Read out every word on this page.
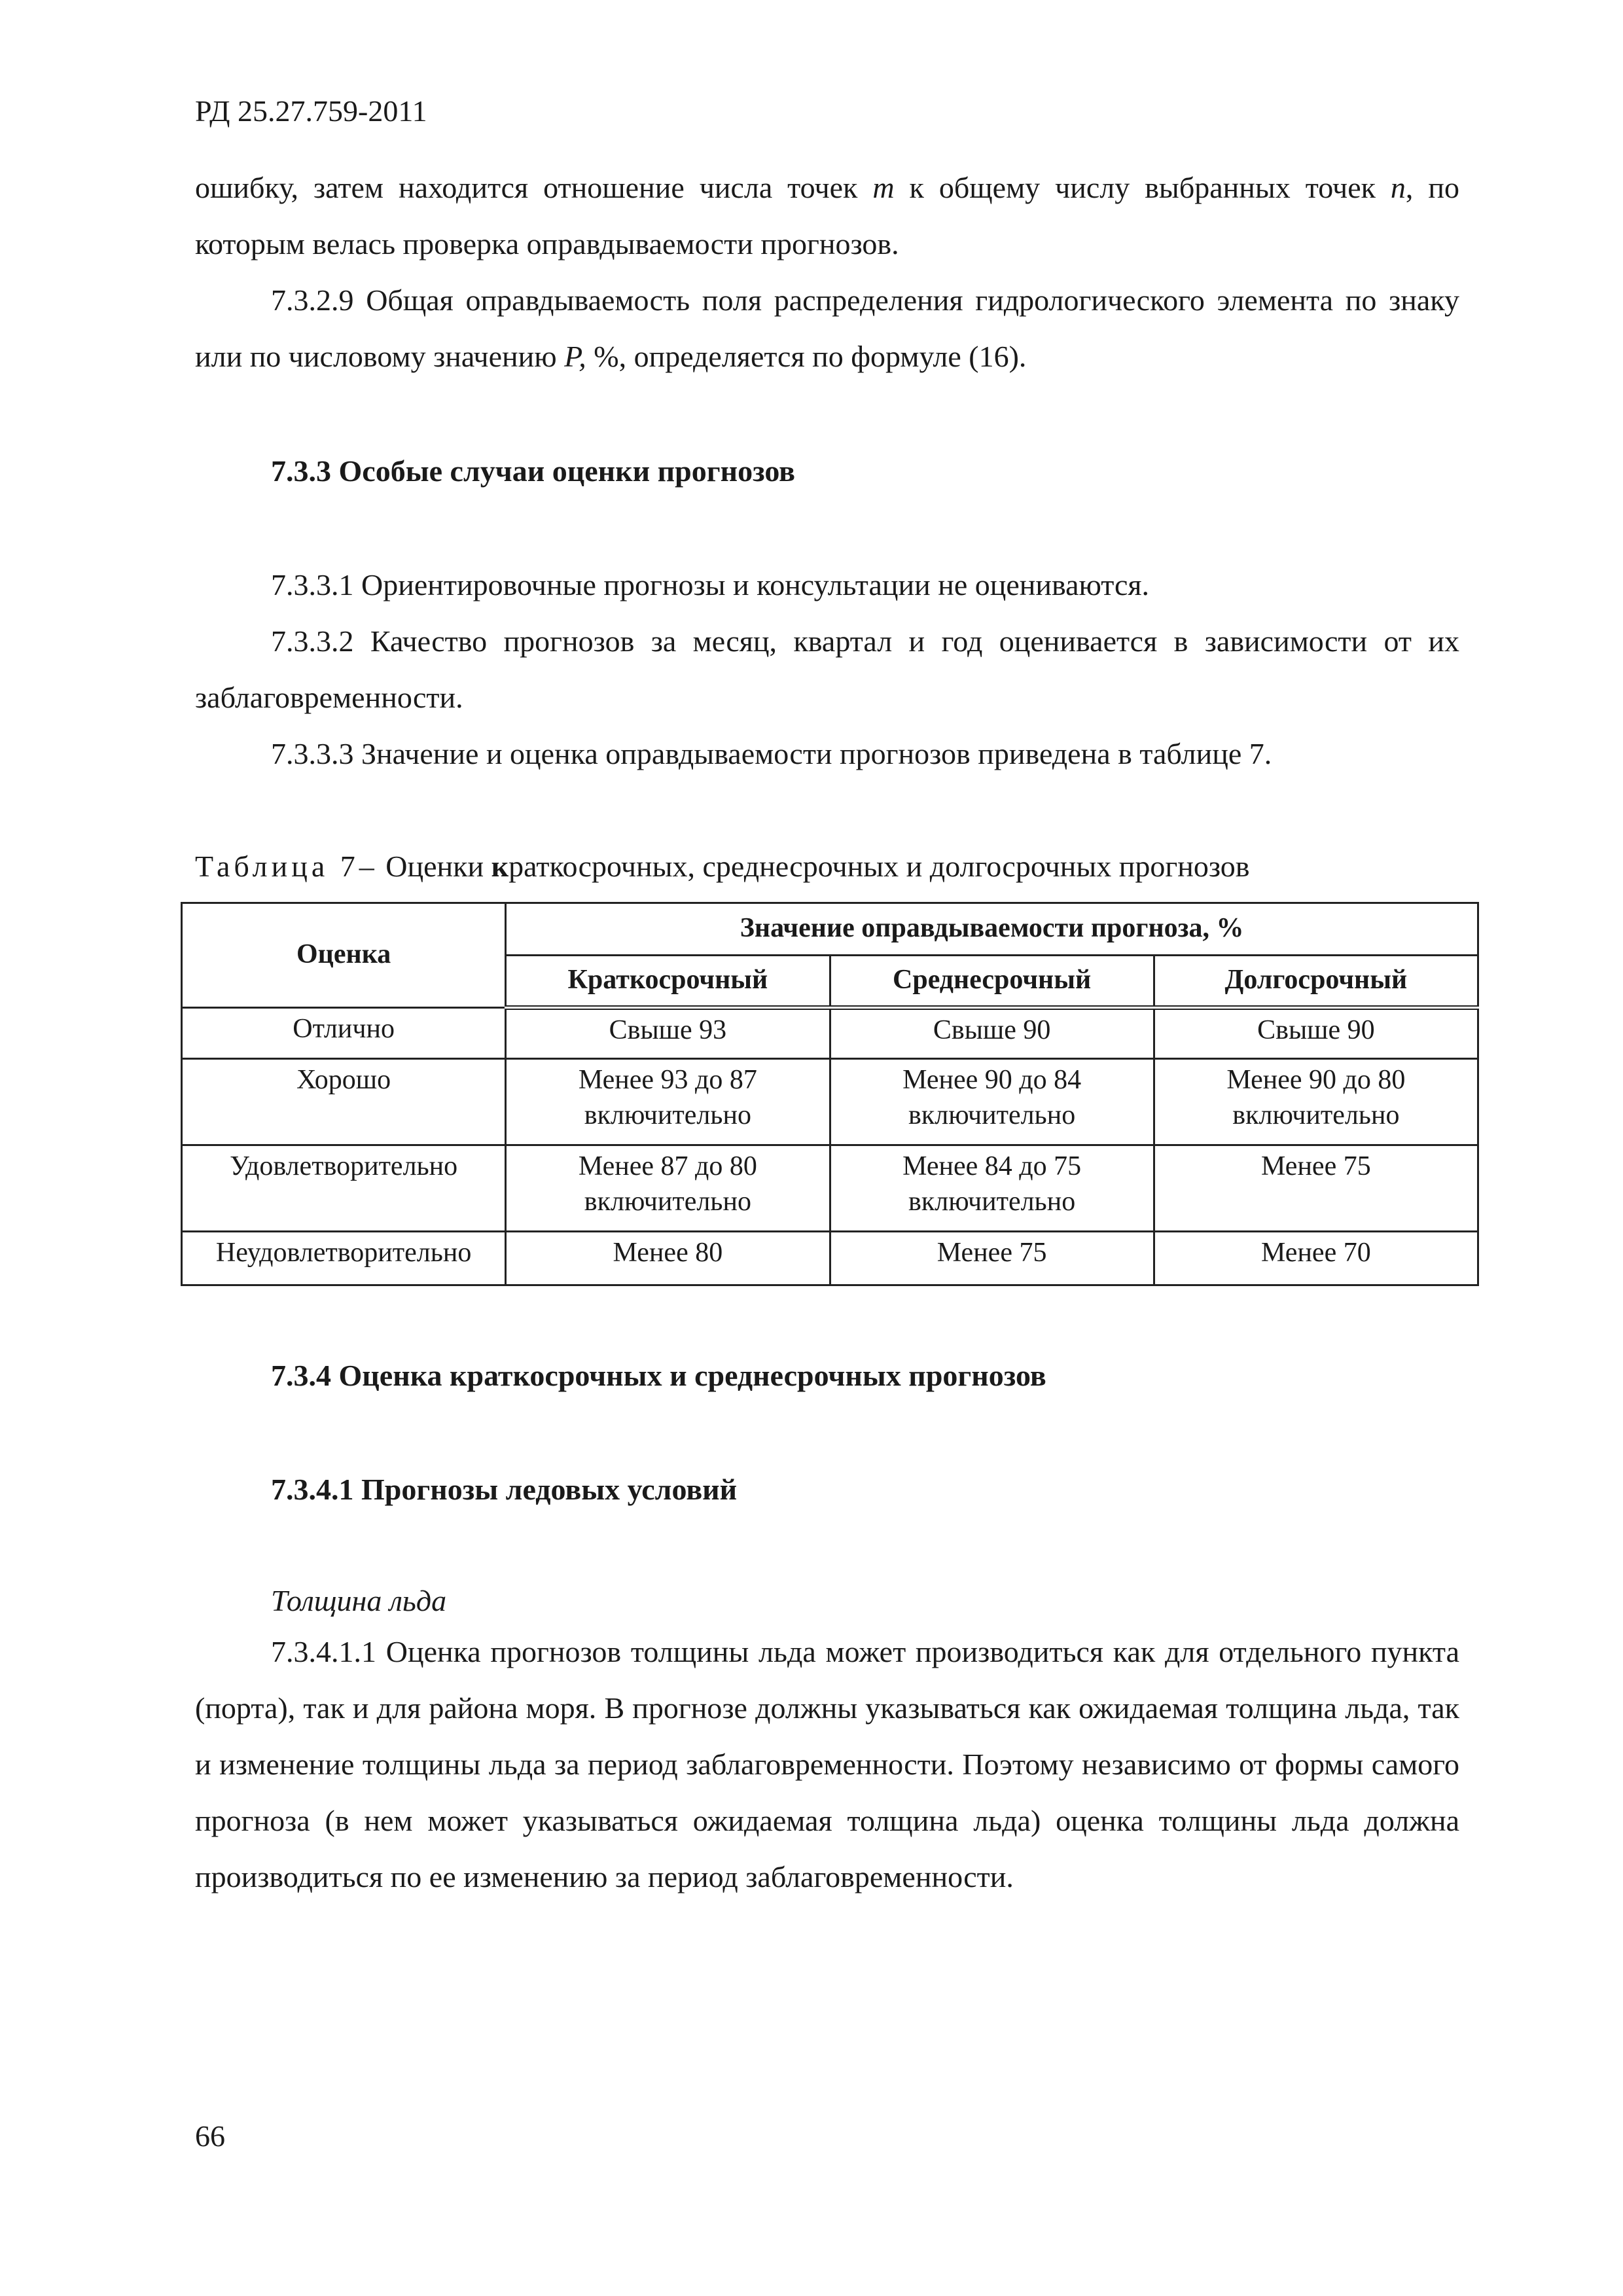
РД 25.27.759-2011

ошибку, затем находится отношение числа точек m к общему числу выбранных точек n, по которым велась проверка оправдываемости прогнозов.

7.3.2.9 Общая оправдываемость поля распределения гидрологического элемента по знаку или по числовому значению P, %, определяется по формуле (16).

7.3.3 Особые случаи оценки прогнозов

7.3.3.1 Ориентировочные прогнозы и консультации не оцениваются.

7.3.3.2 Качество прогнозов за месяц, квартал и год оценивается в зависимости от их заблаговременности.

7.3.3.3 Значение и оценка оправдываемости прогнозов приведена в таблице 7.

Таблица 7– Оценки краткосрочных, среднесрочных и долгосрочных прогнозов
Оценка	Значение оправдываемости прогноза, %		
	Краткосрочный	Среднесрочный	Долгосрочный
Отлично	Свыше 93	Свыше 90	Свыше 90
Хорошо	Менее 93 до 87 включительно	Менее 90 до 84 включительно	Менее 90 до 80 включительно
Удовлетворительно	Менее 87 до 80 включительно	Менее 84 до 75 включительно	Менее 75
Неудовлетворительно	Менее 80	Менее 75	Менее 70
7.3.4 Оценка краткосрочных и среднесрочных прогнозов
7.3.4.1 Прогнозы ледовых условий
Толщина льда

7.3.4.1.1 Оценка прогнозов толщины льда может производиться как для отдельного пункта (порта), так и для района моря. В прогнозе должны указываться как ожидаемая толщина льда, так и изменение толщины льда за период заблаговременности. Поэтому независимо от формы самого прогноза (в нем может указываться ожидаемая толщина льда) оценка толщины льда должна производиться по ее изменению за период заблаговременности.

66
